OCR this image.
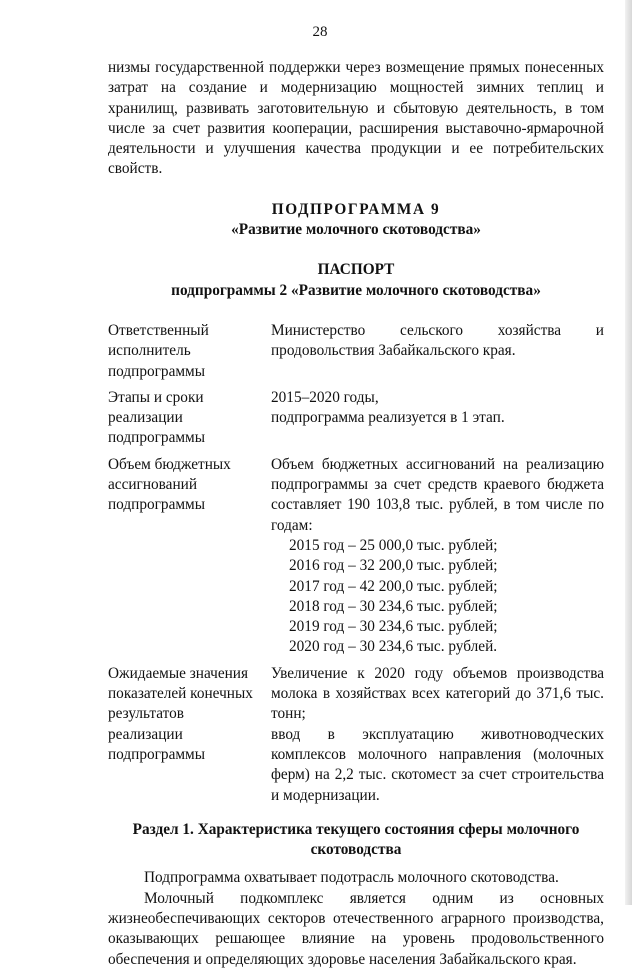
28

низмы государственной поддержки через возмещение прямых понесенных затрат на создание и модернизацию мощностей зимних теплиц и хранилищ, развивать заготовительную и сбытовую деятельность, в том числе за счет развития кооперации, расширения выставочно-ярмарочной деятельности и улучшения качества продукции и ее потребительских свойств.

ПОДПРОГРАММА 9

«Развитие молочного скотоводства»

ПАСПОРТ

подпрограммы 2 «Развитие молочного скотоводства»

Ответственный исполнитель подпрограммы

Министерство сельского хозяйства и продовольствия Забайкальского края.

Этапы и сроки реализации подпрограммы

2015–2020 годы,

подпрограмма реализуется в 1 этап.

Объем бюджетных ассигнований подпрограммы

Объем бюджетных ассигнований на реализацию подпрограммы за счет средств краевого бюджета составляет 190 103,8 тыс. рублей, в том числе по годам:

2015 год – 25 000,0 тыс. рублей;

2016 год – 32 200,0 тыс. рублей;

2017 год – 42 200,0 тыс. рублей;

2018 год – 30 234,6 тыс. рублей;

2019 год – 30 234,6 тыс. рублей;

2020 год – 30 234,6 тыс. рублей.

Ожидаемые значения показателей конечных результатов реализации подпрограммы

Увеличение к 2020 году объемов производства молока в хозяйствах всех категорий до 371,6 тыс. тонн;

ввод в эксплуатацию животноводческих комплексов молочного направления (молочных ферм) на 2,2 тыс. скотомест за счет строительства и модернизации.

Раздел 1. Характеристика текущего состояния сферы молочного скотоводства

Подпрограмма охватывает подотрасль молочного скотоводства.

Молочный подкомплекс является одним из основных жизнеобеспечивающих секторов отечественного аграрного производства, оказывающих решающее влияние на уровень продовольственного обеспечения и определяющих здоровье населения Забайкальского края.
